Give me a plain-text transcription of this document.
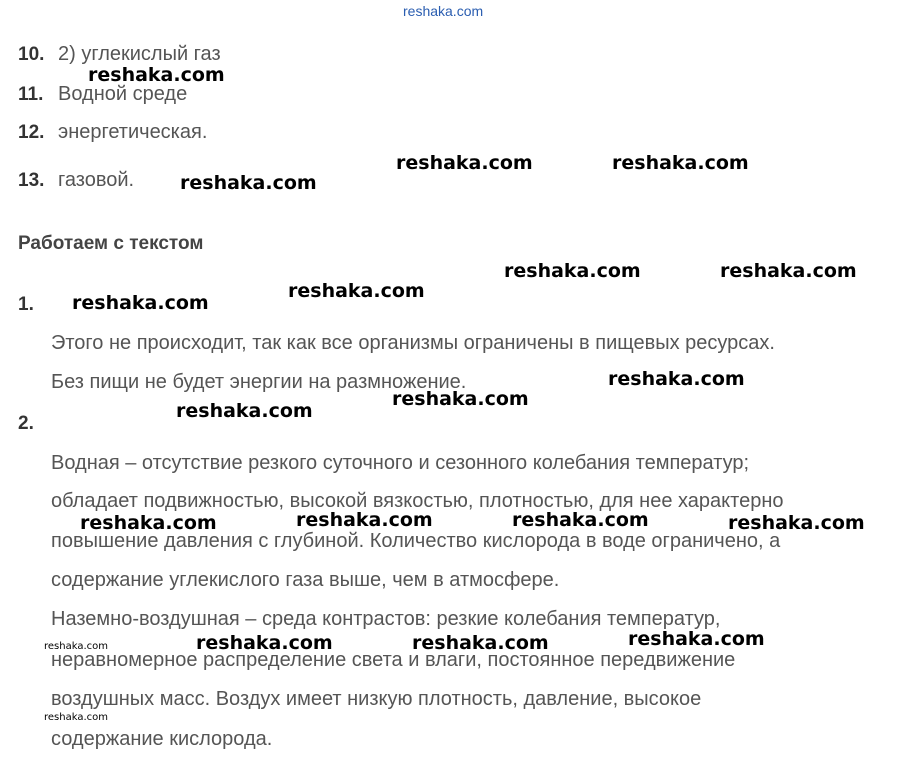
reshaka.com
10. 2) углекислый газ
11. Водной среде
12. энергетическая.
13. газовой.
Работаем с текстом
1.
Этого не происходит, так как все организмы ограничены в пищевых ресурсах.
Без пищи не будет энергии на размножение.
2.
Водная – отсутствие резкого суточного и сезонного колебания температур;
обладает подвижностью, высокой вязкостью, плотностью, для нее характерно
повышение давления с глубиной. Количество кислорода в воде ограничено, а
содержание углекислого газа выше, чем в атмосфере.
Наземно-воздушная – среда контрастов: резкие колебания температур,
неравномерное распределение света и влаги, постоянное передвижение
воздушных масс. Воздух имеет низкую плотность, давление, высокое
содержание кислорода.
reshaka.com
reshaka.com	reshaka.com
reshaka.com
reshaka.com	reshaka.com
reshaka.com
reshaka.com
reshaka.com
reshaka.com
reshaka.com
reshaka.com	reshaka.com
reshaka.com	reshaka.com
reshaka.com
reshaka.com	reshaka.com
reshaka.com
reshaka.com
